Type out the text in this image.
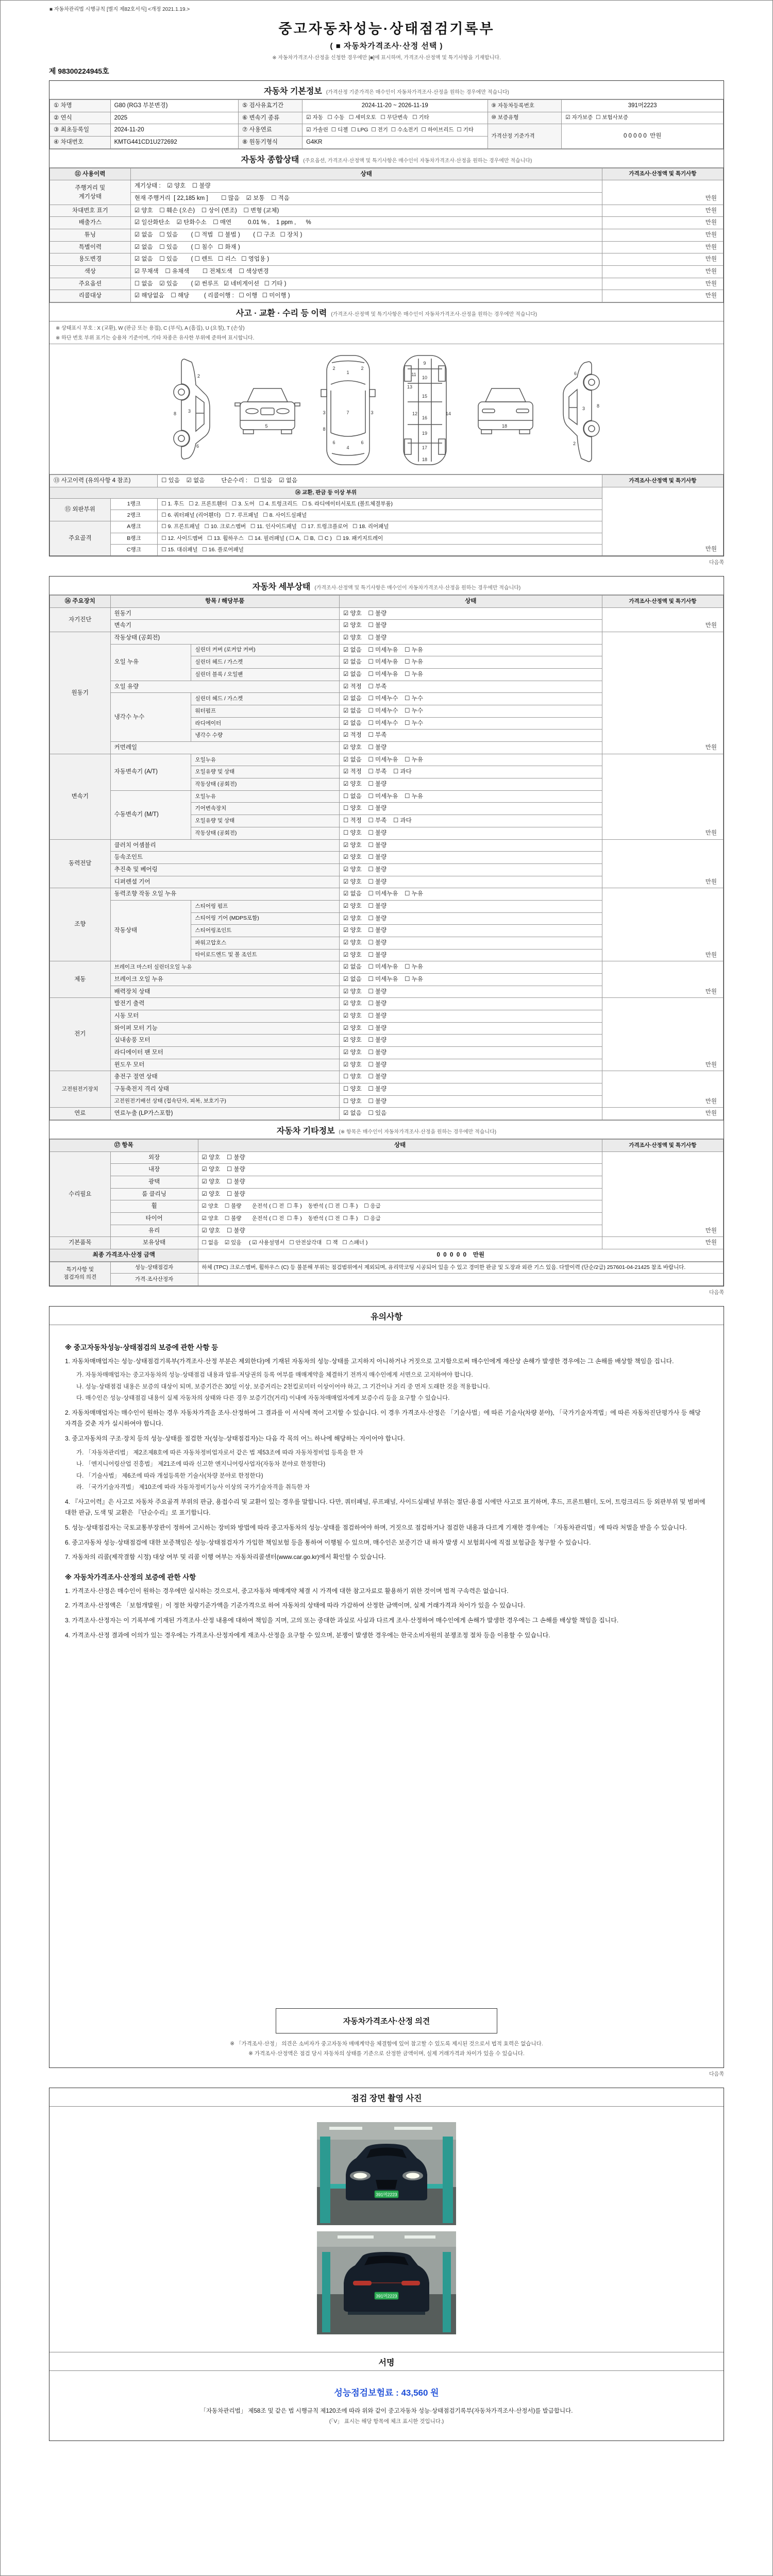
■ 자동차관리법 시행규칙 [별지 제82호서식] <개정 2021.1.19.>
중고자동차성능·상태점검기록부
( ■ 자동차가격조사·산정 선택 )
※ 자동차가격조사·산정을 신청한 경우에만 [■]에 표시하며, 가격조사·산정액 및 특기사항을 기재합니다.
제 98300224945호
자동차 기본정보 (가격산정 기준가격은 매수인이 자동차가격조사·산정을 원하는 경우에만 적습니다)
① 차명	G80 (RG3 부분변경)	⑤ 검사유효기간	2024-11-20 ~ 2026-11-19	⑨ 자동차등록번호	391머2223
② 연식	2025	⑥ 변속기 종류	☑ 자동   ☐ 수동   ☐ 세미오토   ☐ 무단변속   ☐ 기타	⑩ 보증유형	☑ 자가보증  ☐ 보험사보증
③ 최초등록일	2024-11-20	⑦ 사용연료	☑ 가솔린  ☐ 디젤  ☐ LPG  ☐ 전기  ☐ 수소전기  ☐ 하이브리드  ☐ 기타	가격산정 기준가격	0 0 0 0 0  만원
④ 차대번호	KMTG441CD1U272692	⑧ 원동기형식	G4KR		
자동차 종합상태 (주요옵션, 가격조사·산정액 및 특기사항은 매수인이 자동차가격조사·산정을 원하는 경우에만 적습니다)
⑪ 사용이력	상태	가격조사·산정액 및 특기사항
주행거리 및
계기상태	계기상태 :    ☑ 양호    ☐ 불량	만원
	현재 주행거리  [ 22,185 km ]        ☐ 많음    ☑ 보통    ☐ 적음	
차대번호 표기	☑ 양호    ☐ 훼손 (오손)    ☐ 상이 (변조)    ☐ 변형 (교체)	만원
배출가스	☑ 일산화탄소    ☑ 탄화수소    ☐ 매연          0.01 % ,    1 ppm ,      %	만원
튜닝	☑ 없음    ☐ 있음        ( ☐ 적법   ☐ 불법 )        ( ☐ 구조   ☐ 장치 )	만원
특별이력	☑ 없음    ☐ 있음        ( ☐ 침수   ☐ 화재 )	만원
용도변경	☑ 없음    ☐ 있음        ( ☐ 렌트   ☐ 리스   ☐ 영업용 )	만원
색상	☑ 무채색    ☐ 유채색        ☐ 전체도색    ☐ 색상변경	만원
주요옵션	☐ 없음    ☑ 있음        ( ☑ 썬루프   ☑ 네비게이션   ☐ 기타 )	만원
리콜대상	☑ 해당없음    ☐ 해당         ( 리콜이행 :   ☐ 이행   ☐ 미이행 )	만원
사고 · 교환 · 수리 등 이력 (가격조사·산정액 및 특기사항은 매수인이 자동차가격조사·산정을 원하는 경우에만 적습니다)
※ 상태표시 부호 : X (교환), W (판금 또는 용접), C (부식), A (흠집), U (요철), T (손상)
※ 하단 번호 부위 표기는 승용차 기준이며, 기타 차종은 유사한 부위에 준하여 표시합니다.
2
3
6
8
5
1
7
4
2	2
3	3
6	6
8
9
10
11
12
13
14
15
16
17
18
19
18
2
3
6
8
⑬ 사고이력 (유의사항 4 참조)		☐ 있음    ☑ 없음          단순수리 :    ☐ 있음    ☑ 없음	가격조사·산정액 및 특기사항
⑭ 교환, 판금 등 이상 부위			만원
⑮ 외판부위	1랭크	☐ 1. 후드   ☐ 2. 프론트휀더   ☐ 3. 도어   ☐ 4. 트렁크리드   ☐ 5. 라디에이터서포트 (볼트체결부품)	
	2랭크	☐ 6. 쿼터패널 (리어휀더)   ☐ 7. 루프패널   ☐ 8. 사이드실패널	
주요골격	A랭크	☐ 9. 프론트패널   ☐ 10. 크로스멤버   ☐ 11. 인사이드패널   ☐ 17. 트렁크플로어   ☐ 18. 리어패널	
	B랭크	☐ 12. 사이드멤버   ☐ 13. 휠하우스   ☐ 14. 필러패널 ( ☐ A,  ☐ B,  ☐ C )   ☐ 19. 패키지트레이	
	C랭크	☐ 15. 대쉬패널   ☐ 16. 플로어패널	
다음쪽
자동차 세부상태 (가격조사·산정액 및 특기사항은 매수인이 자동차가격조사·산정을 원하는 경우에만 적습니다)
⑯ 주요장치	항목 / 해당부품		상태	가격조사·산정액 및 특기사항
자기진단	원동기		☑ 양호    ☐ 불량	만원
	변속기		☑ 양호    ☐ 불량	
원동기	작동상태 (공회전)		☑ 양호    ☐ 불량	만원
	오일 누유	실린더 커버 (로커암 커버)	☑ 없음    ☐ 미세누유    ☐ 누유	
		실린더 헤드 / 가스켓	☑ 없음    ☐ 미세누유    ☐ 누유	
		실린더 블록 / 오일팬	☑ 없음    ☐ 미세누유    ☐ 누유	
	오일 유량		☑ 적정    ☐ 부족	
	냉각수 누수	실린더 헤드 / 가스켓	☑ 없음    ☐ 미세누수    ☐ 누수	
		워터펌프	☑ 없음    ☐ 미세누수    ☐ 누수	
		라디에이터	☑ 없음    ☐ 미세누수    ☐ 누수	
		냉각수 수량	☑ 적정    ☐ 부족	
	커먼레일		☑ 양호    ☐ 불량	
변속기	자동변속기 (A/T)	오일누유	☑ 없음    ☐ 미세누유    ☐ 누유	만원
		오일유량 및 상태	☑ 적정    ☐ 부족    ☐ 과다	
		작동상태 (공회전)	☑ 양호    ☐ 불량	
	수동변속기 (M/T)	오일누유	☐ 없음    ☐ 미세누유    ☐ 누유	
		기어변속장치	☐ 양호    ☐ 불량	
		오일유량 및 상태	☐ 적정    ☐ 부족    ☐ 과다	
		작동상태 (공회전)	☐ 양호    ☐ 불량	
동력전달	클러치 어셈블리		☑ 양호    ☐ 불량	만원
	등속조인트		☑ 양호    ☐ 불량	
	추진축 및 베어링		☑ 양호    ☐ 불량	
	디퍼렌셜 기어		☑ 양호    ☐ 불량	
조향	동력조향 작동 오일 누유		☑ 없음    ☐ 미세누유    ☐ 누유	만원
	작동상태	스티어링 펌프	☑ 양호    ☐ 불량	
		스티어링 기어 (MDPS포함)	☑ 양호    ☐ 불량	
		스티어링조인트	☑ 양호    ☐ 불량	
		파워고압호스	☑ 양호    ☐ 불량	
		타이로드엔드 및 볼 조인트	☑ 양호    ☐ 불량	
제동	브레이크 마스터 실린더오일 누유		☑ 없음    ☐ 미세누유    ☐ 누유	만원
	브레이크 오일 누유		☑ 없음    ☐ 미세누유    ☐ 누유	
	배력장치 상태		☑ 양호    ☐ 불량	
전기	발전기 출력		☑ 양호    ☐ 불량	만원
	시동 모터		☑ 양호    ☐ 불량	
	와이퍼 모터 기능		☑ 양호    ☐ 불량	
	실내송풍 모터		☑ 양호    ☐ 불량	
	라디에이터 팬 모터		☑ 양호    ☐ 불량	
	윈도우 모터		☑ 양호    ☐ 불량	
고전원전기장치	충전구 절연 상태		☐ 양호    ☐ 불량	만원
	구동축전지 격리 상태		☐ 양호    ☐ 불량	
	고전원전기배선 상태 (접속단자, 피복, 보호기구)		☐ 양호    ☐ 불량	
연료	연료누출 (LP가스포함)		☑ 없음    ☐ 있음	만원
자동차 기타정보 (※ 항목은 매수인이 자동차가격조사·산정을 원하는 경우에만 적습니다)
⑰ 항목		상태	가격조사·산정액 및 특기사항
수리필요	외장	☑ 양호    ☐ 불량	만원
	내장	☑ 양호    ☐ 불량	
	광택	☑ 양호    ☐ 불량	
	룸 클리닝	☑ 양호    ☐ 불량	
	휠	☑ 양호    ☐ 불량       운전석 ( ☐ 전  ☐ 후 )    동반석 ( ☐ 전  ☐ 후 )    ☐ 응급	
	타이어	☑ 양호    ☐ 불량       운전석 ( ☐ 전  ☐ 후 )    동반석 ( ☐ 전  ☐ 후 )    ☐ 응급	
	유리	☑ 양호    ☐ 불량	
기본품목	보유상태	☐ 없음    ☑ 있음     ( ☑ 사용설명서   ☐ 안전삼각대   ☐ 잭   ☐ 스패너 )	만원
최종 가격조사·산정 금액		0  0  0  0  0    만원	
특기사항 및
점검자의 의견	성능·상태점검자	하체 (TPC) 크로스멤버, 휠하우스 (C) 등 불분해 부위는 점검범위에서 제외되며, 유리막코팅 시공되어 있을 수 있고 경미한 판금 및 도장과 외관 기스 있음. 다발이력 (단순/2급) 257601-04-21425 참조 바랍니다.
	가격·조사산정자	
다음쪽
유의사항
※ 중고자동차성능·상태점검의 보증에 관한 사항 등
1. 자동차매매업자는 성능·상태점검기록부(가격조사·산정 부분은 제외한다)에 기재된 자동차의 성능·상태를 고지하지 아니하거나 거짓으로 고지함으로써 매수인에게 재산상 손해가 발생한 경우에는 그 손해를 배상할 책임을 집니다.
가. 자동차매매업자는 중고자동차의 성능·상태점검 내용과 압류·저당권의 등록 여부를 매매계약을 체결하기 전까지 매수인에게 서면으로 고지하여야 합니다.
나. 성능·상태점검 내용은 보증의 대상이 되며, 보증기간은 30일 이상, 보증거리는 2천킬로미터 이상이어야 하고, 그 기간이나 거리 중 먼저 도래한 것을 적용합니다.
다. 매수인은 성능·상태점검 내용이 실제 자동차의 상태와 다른 경우 보증기간(거리) 이내에 자동차매매업자에게 보증수리 등을 요구할 수 있습니다.
2. 자동차매매업자는 매수인이 원하는 경우 자동차가격을 조사·산정하여 그 결과를 이 서식에 적어 고지할 수 있습니다. 이 경우 가격조사·산정은 「기술사법」에 따른 기술사(차량 분야), 「국가기술자격법」에 따른 자동차진단평가사 등 해당 자격을 갖춘 자가 실시하여야 합니다.
3. 중고자동차의 구조·장치 등의 성능·상태를 점검한 자(성능·상태점검자)는 다음 각 목의 어느 하나에 해당하는 자이어야 합니다.
가. 「자동차관리법」 제2조제8호에 따른 자동차정비업자로서 같은 법 제53조에 따라 자동차정비업 등록을 한 자
나. 「엔지니어링산업 진흥법」 제21조에 따라 신고한 엔지니어링사업자(자동차 분야로 한정한다)
다. 「기술사법」 제6조에 따라 개설등록한 기술사(차량 분야로 한정한다)
라. 「국가기술자격법」 제10조에 따라 자동차정비기능사 이상의 국가기술자격을 취득한 자
4. 『사고이력』은 사고로 자동차 주요골격 부위의 판금, 용접수리 및 교환이 있는 경우를 말합니다. 다만, 쿼터패널, 루프패널, 사이드실패널 부위는 절단·용접 시에만 사고로 표기하며, 후드, 프론트휀더, 도어, 트렁크리드 등 외판부위 및 범퍼에 대한 판금, 도색 및 교환은 『단순수리』로 표기합니다.
5. 성능·상태점검자는 국토교통부장관이 정하여 고시하는 장비와 방법에 따라 중고자동차의 성능·상태를 점검하여야 하며, 거짓으로 점검하거나 점검한 내용과 다르게 기재한 경우에는 「자동차관리법」에 따라 처벌을 받을 수 있습니다.
6. 중고자동차 성능·상태점검에 대한 보증책임은 성능·상태점검자가 가입한 책임보험 등을 통하여 이행될 수 있으며, 매수인은 보증기간 내 하자 발생 시 보험회사에 직접 보험금을 청구할 수 있습니다.
7. 자동차의 리콜(제작결함 시정) 대상 여부 및 리콜 이행 여부는 자동차리콜센터(www.car.go.kr)에서 확인할 수 있습니다.
※ 자동차가격조사·산정의 보증에 관한 사항
1. 가격조사·산정은 매수인이 원하는 경우에만 실시하는 것으로서, 중고자동차 매매계약 체결 시 가격에 대한 참고자료로 활용하기 위한 것이며 법적 구속력은 없습니다.
2. 가격조사·산정액은 「보험개발원」이 정한 차량기준가액을 기준가격으로 하여 자동차의 상태에 따라 가감하여 산정한 금액이며, 실제 거래가격과 차이가 있을 수 있습니다.
3. 가격조사·산정자는 이 기록부에 기재된 가격조사·산정 내용에 대하여 책임을 지며, 고의 또는 중대한 과실로 사실과 다르게 조사·산정하여 매수인에게 손해가 발생한 경우에는 그 손해를 배상할 책임을 집니다.
4. 가격조사·산정 결과에 이의가 있는 경우에는 가격조사·산정자에게 재조사·산정을 요구할 수 있으며, 분쟁이 발생한 경우에는 한국소비자원의 분쟁조정 절차 등을 이용할 수 있습니다.
자동차가격조사·산정 의견
※ 「가격조사·산정」 의견은 소비자가 중고자동차 매매계약을 체결함에 있어 참고할 수 있도록 제시된 것으로서 법적 효력은 없습니다.
※ 가격조사·산정액은 점검 당시 자동차의 상태를 기준으로 산정한 금액이며, 실제 거래가격과 차이가 있을 수 있습니다.
다음쪽
점검 장면 촬영 사진
391머2223
391머2223
서명
성능점검보험료 : 43,560 원
「자동차관리법」 제58조 및 같은 법 시행규칙 제120조에 따라 위와 같이 중고자동차 성능·상태점검기록부(자동차가격조사·산정서)를 발급합니다.
(「V」 표시는 해당 항목에 체크 표시한 것입니다.)
